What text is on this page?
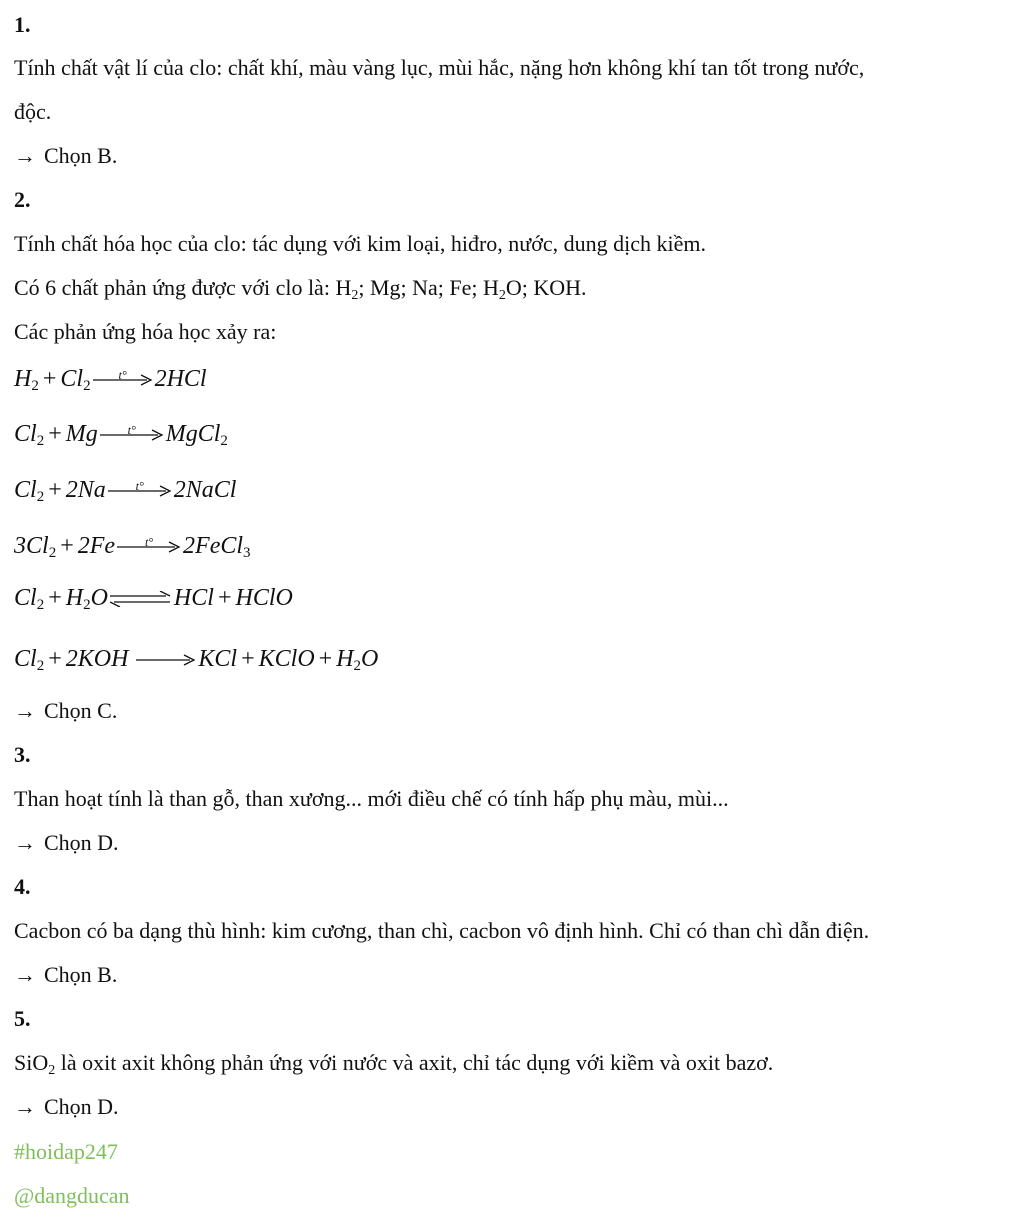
1.
Tính chất vật lí của clo: chất khí, màu vàng lục, mùi hắc, nặng hơn không khí tan tốt trong nước,
độc.
→ Chọn B.
2.
Tính chất hóa học của clo: tác dụng với kim loại, hiđro, nước, dung dịch kiềm.
Có 6 chất phản ứng được với clo là: $H_2$; Mg; Na; Fe; $H_2O$; KOH.
Các phản ứng hóa học xảy ra:
$H_2 + Cl_2$
t°	2HCl
$Cl_2 + Mg$	t°	MgCl$_2$
$Cl_2 + 2Na$	t°	2NaCl
$3Cl_2 + 2Fe$	t°	2FeCl$_3$
$Cl_2 + H_2O$ ⇌ HCl + HClO
$Cl_2 + 2KOH$ → KCl + KClO + $H_2O$
→ Chọn C.
3.
Than hoạt tính là than gỗ, than xương... mới điều chế có tính hấp phụ màu, mùi...
→ Chọn D.
4.
Cacbon có ba dạng thù hình: kim cương, than chì, cacbon vô định hình. Chỉ có than chì dẫn điện.
→ Chọn B.
5.
SiO$_2$ là oxit axit không phản ứng với nước và axit, chỉ tác dụng với kiềm và oxit bazơ.
→ Chọn D.
#hoidap247
@dangducan
